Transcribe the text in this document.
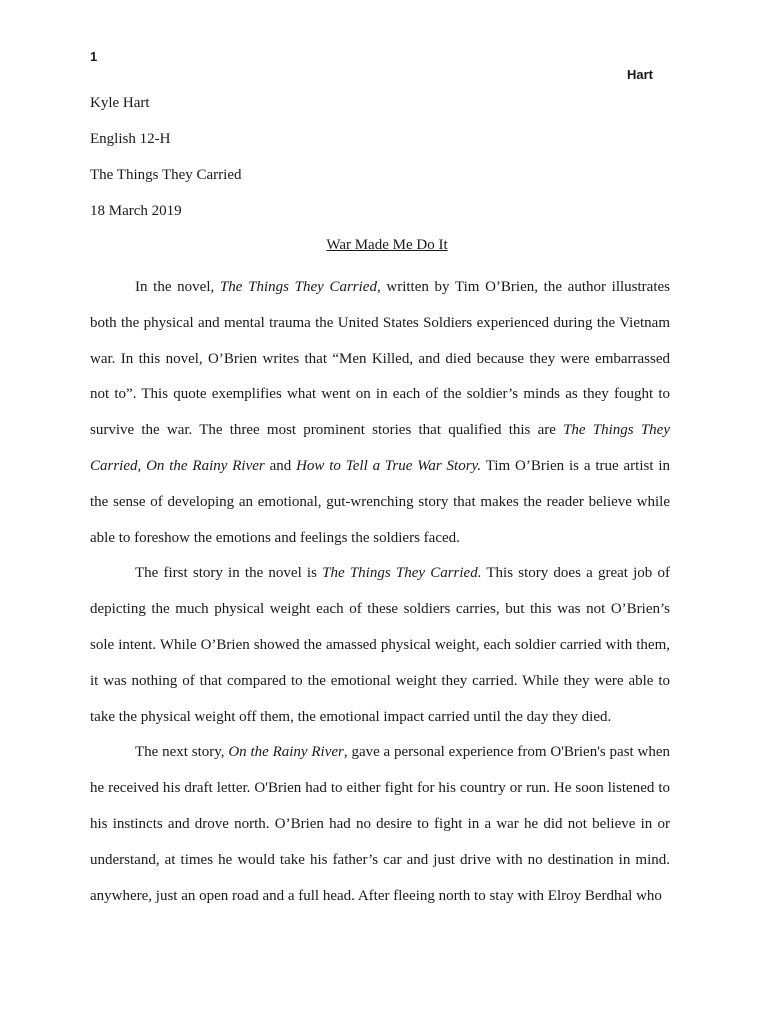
1
Hart
Kyle Hart
English 12-H
The Things They Carried
18 March 2019
War Made Me Do It

In the novel, The Things They Carried, written by Tim O’Brien, the author illustrates both the physical and mental trauma the United States Soldiers experienced during the Vietnam war. In this novel, O’Brien writes that “Men Killed, and died because they were embarrassed not to”. This quote exemplifies what went on in each of the soldier’s minds as they fought to survive the war. The three most prominent stories that qualified this are The Things They Carried, On the Rainy River and How to Tell a True War Story. Tim O’Brien is a true artist in the sense of developing an emotional, gut-wrenching story that makes the reader believe while able to foreshow the emotions and feelings the soldiers faced.

The first story in the novel is The Things They Carried. This story does a great job of depicting the much physical weight each of these soldiers carries, but this was not O’Brien’s sole intent. While O’Brien showed the amassed physical weight, each soldier carried with them, it was nothing of that compared to the emotional weight they carried. While they were able to take the physical weight off them, the emotional impact carried until the day they died.

The next story, On the Rainy River, gave a personal experience from O'Brien's past when he received his draft letter. O'Brien had to either fight for his country or run. He soon listened to his instincts and drove north. O’Brien had no desire to fight in a war he did not believe in or understand, at times he would take his father’s car and just drive with no destination in mind. anywhere, just an open road and a full head. After fleeing north to stay with Elroy Berdhal who
